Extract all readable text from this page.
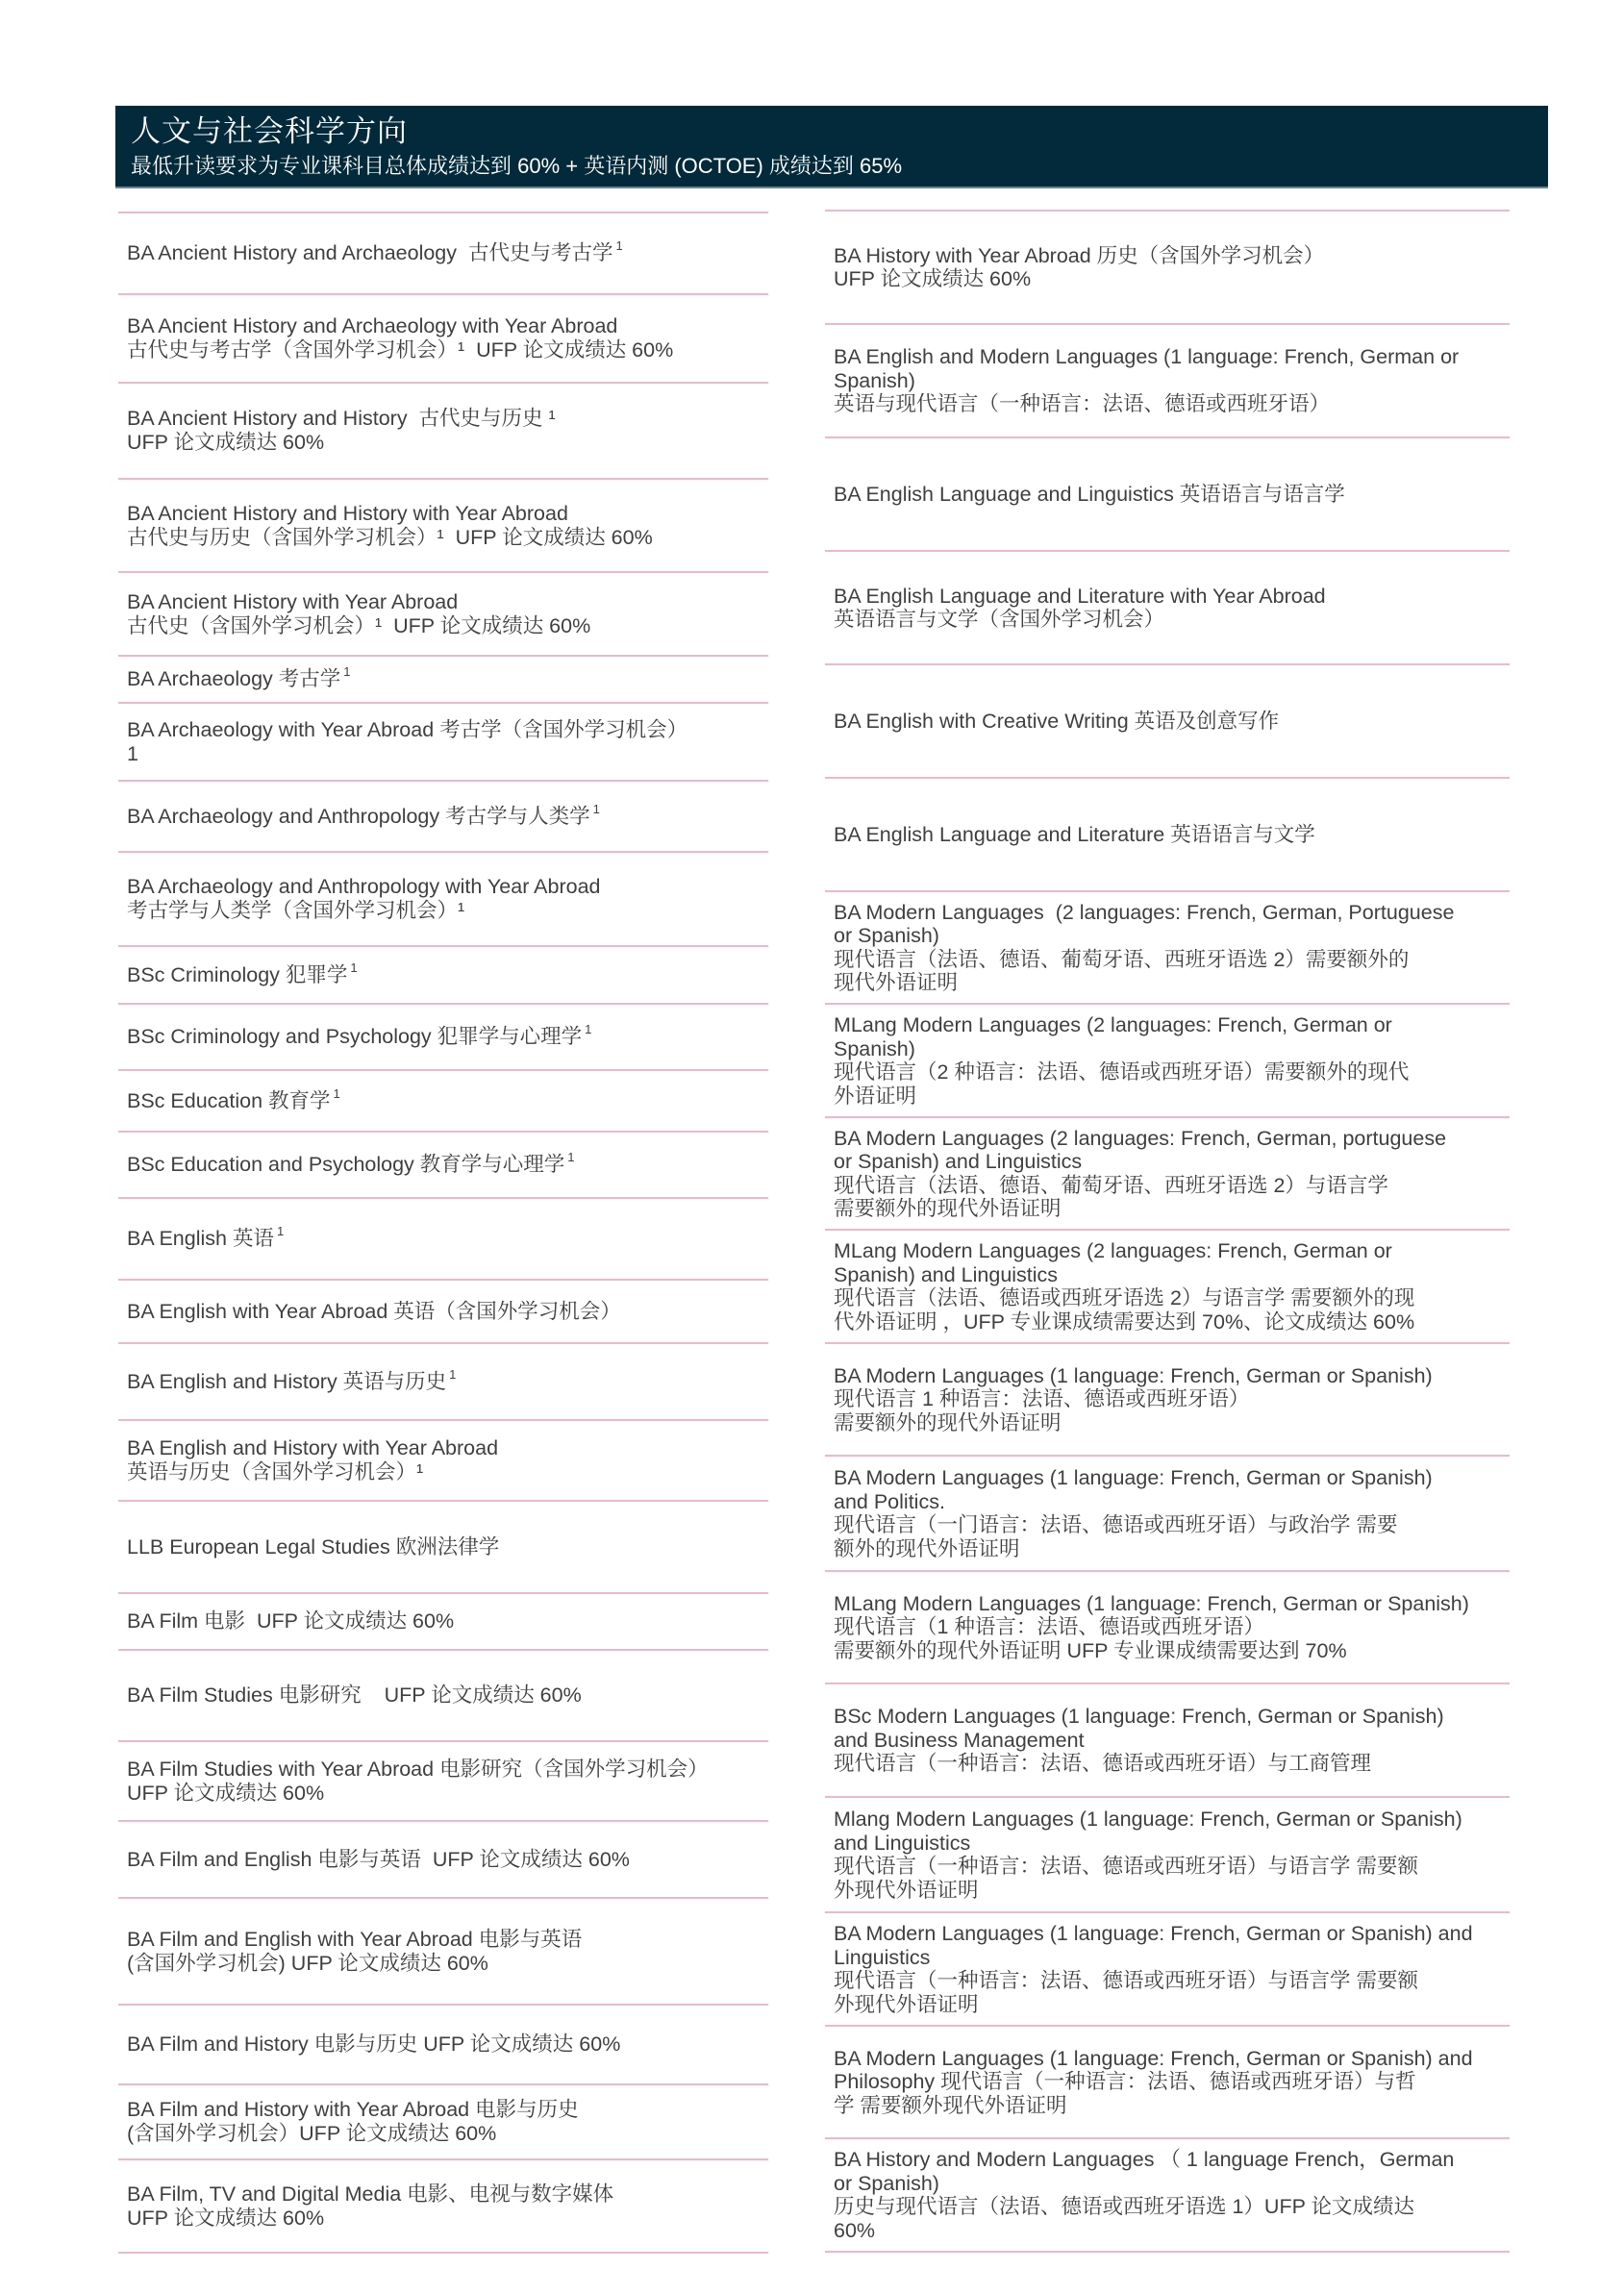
人文与社会科学方向
最低升读要求为专业课科目总体成绩达到 60% + 英语内测 (OCTOE) 成绩达到 65%
BA Ancient History and Archaeology  古代史与考古学 $^1$
BA Ancient History and Archaeology with Year Abroad
古代史与考古学（含国外学习机会）¹  UFP 论文成绩达 60%
BA Ancient History and History  古代史与历史 ¹
UFP 论文成绩达 60%
BA Ancient History and History with Year Abroad
古代史与历史（含国外学习机会）¹  UFP 论文成绩达 60%
BA Ancient History with Year Abroad
古代史（含国外学习机会）¹  UFP 论文成绩达 60%
BA Archaeology 考古学 $^1$
BA Archaeology with Year Abroad 考古学（含国外学习机会）
1
BA Archaeology and Anthropology 考古学与人类学 $^1$
BA Archaeology and Anthropology with Year Abroad
考古学与人类学（含国外学习机会）¹
BSc Criminology 犯罪学 $^1$
BSc Criminology and Psychology 犯罪学与心理学 $^1$
BSc Education 教育学 $^1$
BSc Education and Psychology 教育学与心理学 $^1$
BA English 英语 $^1$
BA English with Year Abroad 英语（含国外学习机会）
BA English and History 英语与历史 $^1$
BA English and History with Year Abroad
英语与历史（含国外学习机会）¹
LLB European Legal Studies 欧洲法律学
BA Film 电影  UFP 论文成绩达 60%
BA Film Studies 电影研究    UFP 论文成绩达 60%
BA Film Studies with Year Abroad 电影研究（含国外学习机会）
UFP 论文成绩达 60%
BA Film and English 电影与英语  UFP 论文成绩达 60%
BA Film and English with Year Abroad 电影与英语
(含国外学习机会) UFP 论文成绩达 60%
BA Film and History 电影与历史 UFP 论文成绩达 60%
BA Film and History with Year Abroad 电影与历史
(含国外学习机会）UFP 论文成绩达 60%
BA Film, TV and Digital Media 电影、电视与数字媒体
UFP 论文成绩达 60%
BA History with Year Abroad 历史（含国外学习机会）
UFP 论文成绩达 60%
BA English and Modern Languages (1 language: French, German or
Spanish)
英语与现代语言（一种语言：法语、德语或西班牙语）
BA English Language and Linguistics 英语语言与语言学
BA English Language and Literature with Year Abroad
英语语言与文学（含国外学习机会）
BA English with Creative Writing 英语及创意写作
BA English Language and Literature 英语语言与文学
BA Modern Languages  (2 languages: French, German, Portuguese
or Spanish)
现代语言（法语、德语、葡萄牙语、西班牙语选 2）需要额外的
现代外语证明
MLang Modern Languages (2 languages: French, German or
Spanish)
现代语言（2 种语言：法语、德语或西班牙语）需要额外的现代
外语证明
BA Modern Languages (2 languages: French, German, portuguese
or Spanish) and Linguistics
现代语言（法语、德语、葡萄牙语、西班牙语选 2）与语言学
需要额外的现代外语证明
MLang Modern Languages (2 languages: French, German or
Spanish) and Linguistics
现代语言（法语、德语或西班牙语选 2）与语言学 需要额外的现
代外语证明 ，UFP 专业课成绩需要达到 70%、论文成绩达 60%
BA Modern Languages (1 language: French, German or Spanish)
现代语言 1 种语言：法语、德语或西班牙语）
需要额外的现代外语证明
BA Modern Languages (1 language: French, German or Spanish)
and Politics.
现代语言（一门语言：法语、德语或西班牙语）与政治学 需要
额外的现代外语证明
MLang Modern Languages (1 language: French, German or Spanish)
现代语言（1 种语言：法语、德语或西班牙语）
需要额外的现代外语证明 UFP 专业课成绩需要达到 70%
BSc Modern Languages (1 language: French, German or Spanish)
and Business Management
现代语言（一种语言：法语、德语或西班牙语）与工商管理
Mlang Modern Languages (1 language: French, German or Spanish)
and Linguistics
现代语言（一种语言：法语、德语或西班牙语）与语言学 需要额
外现代外语证明
BA Modern Languages (1 language: French, German or Spanish) and
Linguistics
现代语言（一种语言：法语、德语或西班牙语）与语言学 需要额
外现代外语证明
BA Modern Languages (1 language: French, German or Spanish) and
Philosophy 现代语言（一种语言：法语、德语或西班牙语）与哲
学 需要额外现代外语证明
BA History and Modern Languages （ 1 language French，German
or Spanish)
历史与现代语言（法语、德语或西班牙语选 1）UFP 论文成绩达
60%
